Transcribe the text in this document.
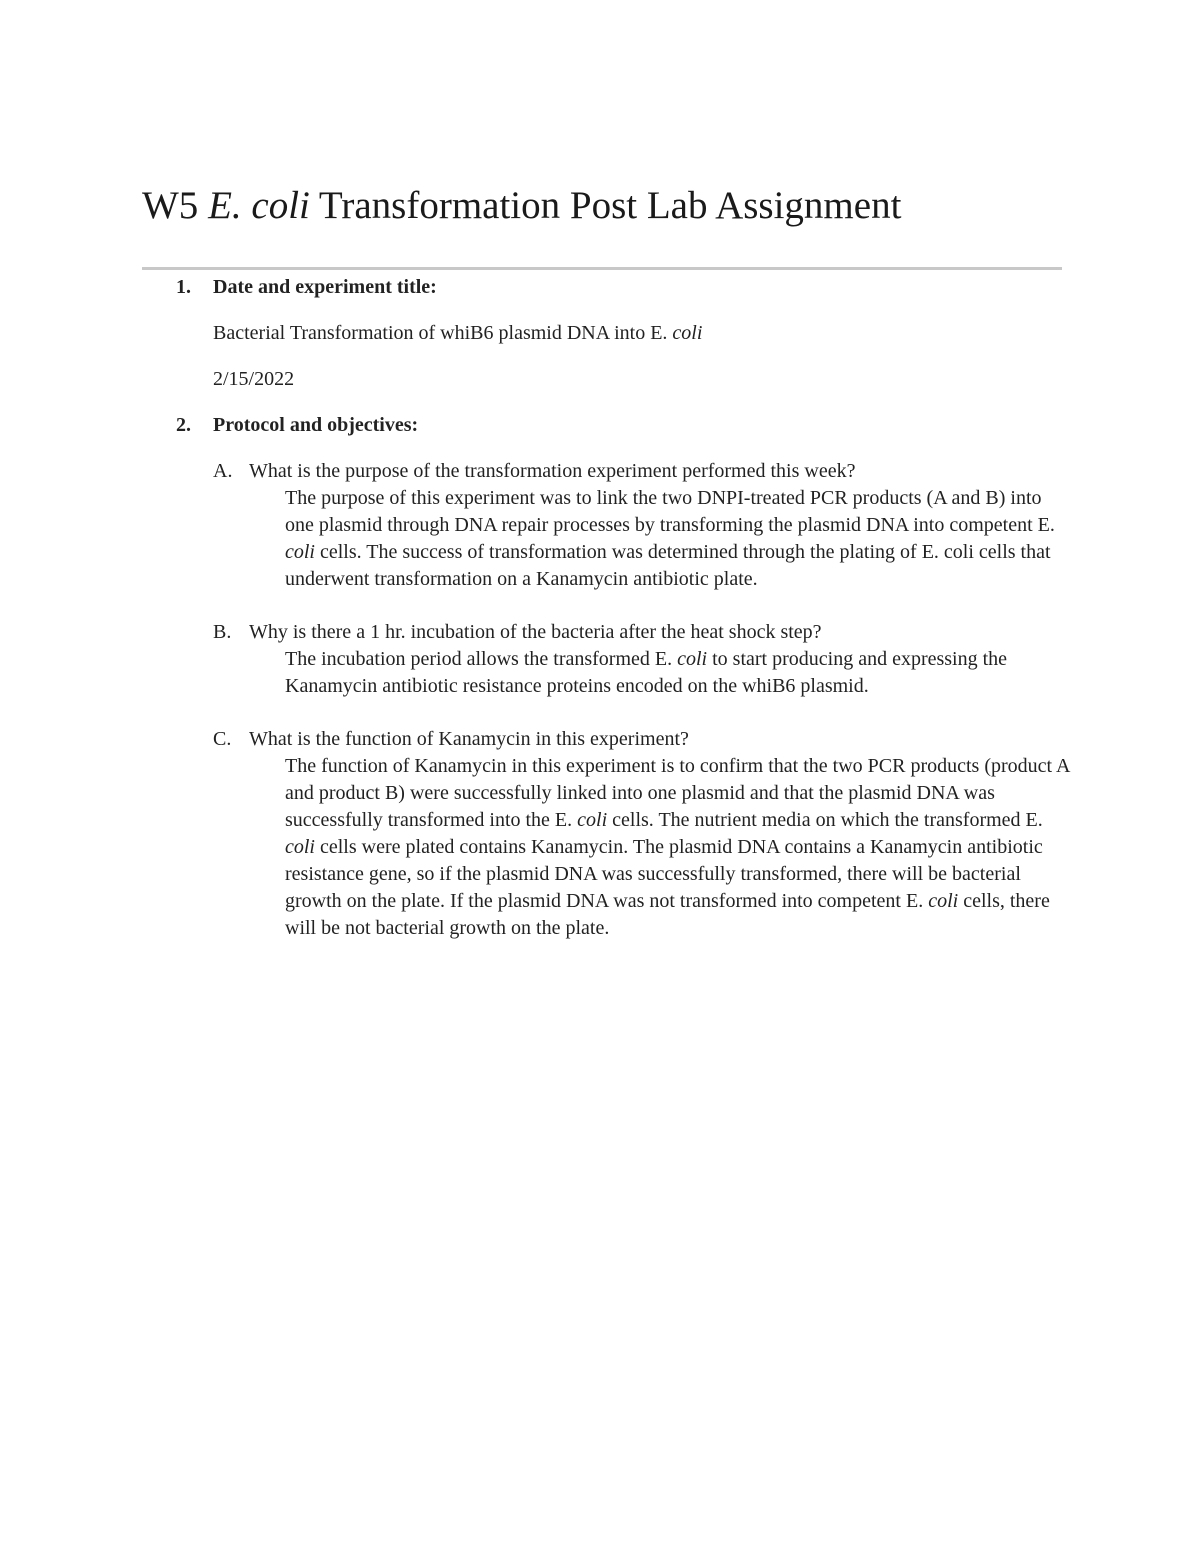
W5 E. coli Transformation Post Lab Assignment
1. Date and experiment title:

Bacterial Transformation of whiB6 plasmid DNA into E. coli

2/15/2022

2. Protocol and objectives:
A. What is the purpose of the transformation experiment performed this week?
The purpose of this experiment was to link the two DNPI-treated PCR products (A and B) into one plasmid through DNA repair processes by transforming the plasmid DNA into competent E. coli cells. The success of transformation was determined through the plating of E. coli cells that underwent transformation on a Kanamycin antibiotic plate.
B. Why is there a 1 hr. incubation of the bacteria after the heat shock step?
The incubation period allows the transformed E. coli to start producing and expressing the Kanamycin antibiotic resistance proteins encoded on the whiB6 plasmid.
C. What is the function of Kanamycin in this experiment?
The function of Kanamycin in this experiment is to confirm that the two PCR products (product A and product B) were successfully linked into one plasmid and that the plasmid DNA was successfully transformed into the E. coli cells. The nutrient media on which the transformed E. coli cells were plated contains Kanamycin. The plasmid DNA contains a Kanamycin antibiotic resistance gene, so if the plasmid DNA was successfully transformed, there will be bacterial growth on the plate. If the plasmid DNA was not transformed into competent E. coli cells, there will be not bacterial growth on the plate.
